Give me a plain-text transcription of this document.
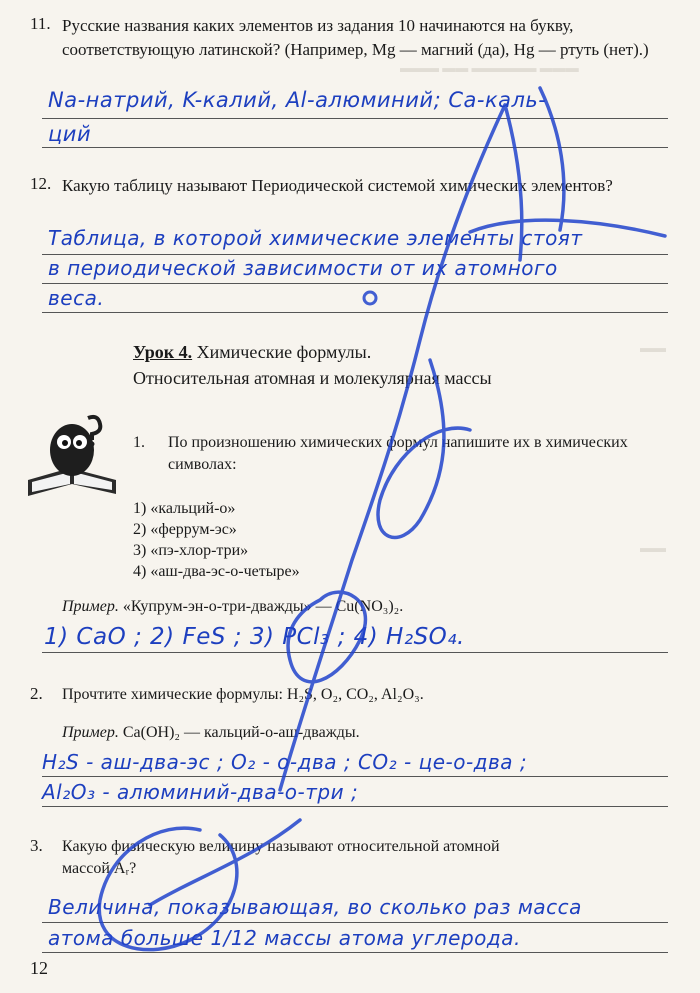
▬▬▬ ▬▬ ▬▬▬▬▬ ▬▬▬
▬▬
▬▬
11. Русские названия каких элементов из задания 10 начинаются на букву, соответствующую латинской? (Например, Mg — магний (да), Hg — ртуть (нет).)
Na-натрий, K-калий, Al-алюминий; Ca-каль-
ций
12. Какую таблицу называют Периодической системой химических элементов?
Таблица, в которой химические элементы стоят
в периодической зависимости от их атомного
веса.
Урок 4. Химические формулы.
Относительная атомная и молекулярная массы
1. По произношению химических формул напишите их в химических символах:
1) «кальций-о»
2) «феррум-эс»
3) «пэ-хлор-три»
4) «аш-два-эс-о-четыре»
Пример. «Купрум-эн-о-три-дважды» — Cu(NO₃)₂.
1) CaO ; 2) FeS ; 3) PCl₃ ; 4) H₂SO₄.
2. Прочтите химические формулы: H₂S, O₂, CO₂, Al₂O₃.
Пример. Ca(OH)₂ — кальций-о-аш-дважды.
H₂S - аш-два-эс ; O₂ - о-два ; CO₂ - це-о-два ;
Al₂O₃ - алюминий-два-о-три ;
3. Какую физическую величину называют относительной атомной
массой Aᵣ?
Величина, показывающая, во сколько раз масса
атома больше 1/12 массы атома углерода.
12
